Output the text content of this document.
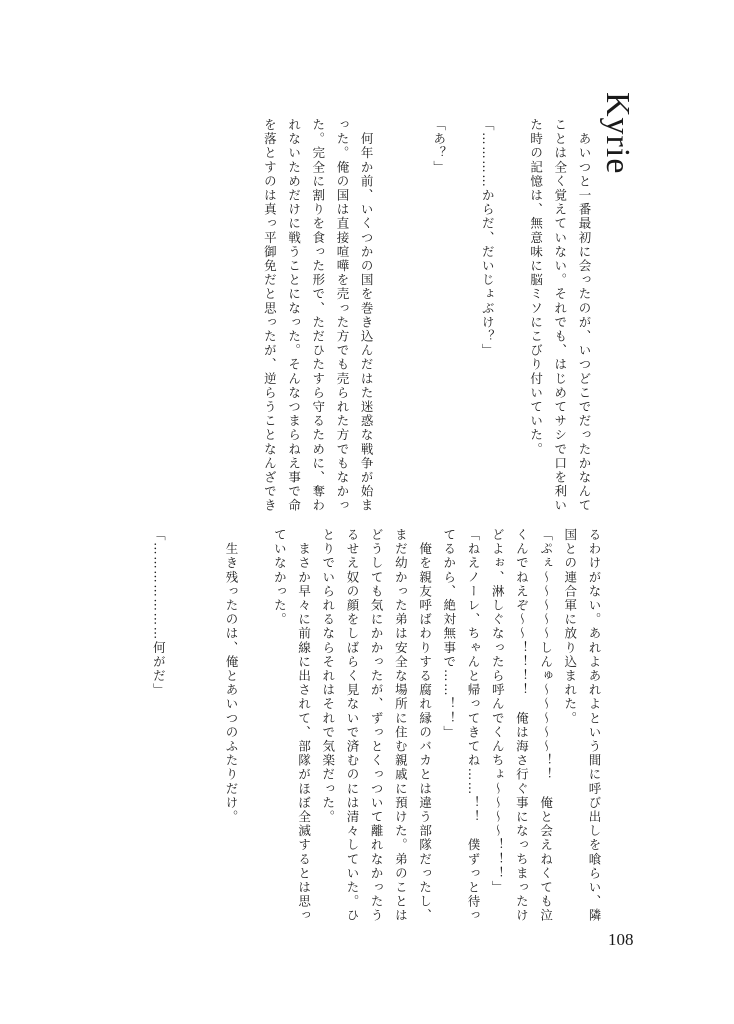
Kyrie
　あいつと一番最初に会ったのが、いつどこでだったかなんて
ことは全く覚えていない。それでも、はじめてサシで口を利い
た時の記憶は、無意味に脳ミソにこびり付いていた。

「…………からだ、だいじょぶけ？」

「あ？」

　何年か前、いくつかの国を巻き込んだはた迷惑な戦争が始ま
った。俺の国は直接喧嘩を売った方でも売られた方でもなかっ
た。完全に割りを食った形で、ただひたすら守るために、奪わ
れないためだけに戦うことになった。そんなつまらねえ事で命
を落とすのは真っ平御免だと思ったが、逆らうことなんざでき
るわけがない。あれよあれよという間に呼び出しを喰らい、隣
国との連合軍に放り込まれた。
「ぷぇ～～～～～しんゅ～～～～～！！　俺と会えねくても泣
くんでねえぞ～～！！！！　俺は海さ行ぐ事になっちまったけ
どよぉ、淋しぐなったら呼んでくんちょ～～～～！！！」
「ねえノーレ、ちゃんと帰ってきてね……！！　僕ずっと待っ
てるから、絶対無事で……！！」
　俺を親友呼ばわりする腐れ縁のバカとは違う部隊だったし、
まだ幼かった弟は安全な場所に住む親戚に預けた。弟のことは
どうしても気にかかったが、ずっとくっついて離れなかったう
るせえ奴の顔をしばらく見ないで済むのには清々していた。ひ
とりでいられるならそれはそれで気楽だった。
　まさか早々に前線に出されて、部隊がほぼ全滅するとは思っ
ていなかった。

　生き残ったのは、俺とあいつのふたりだけ。

「…………………何がだ」
108
